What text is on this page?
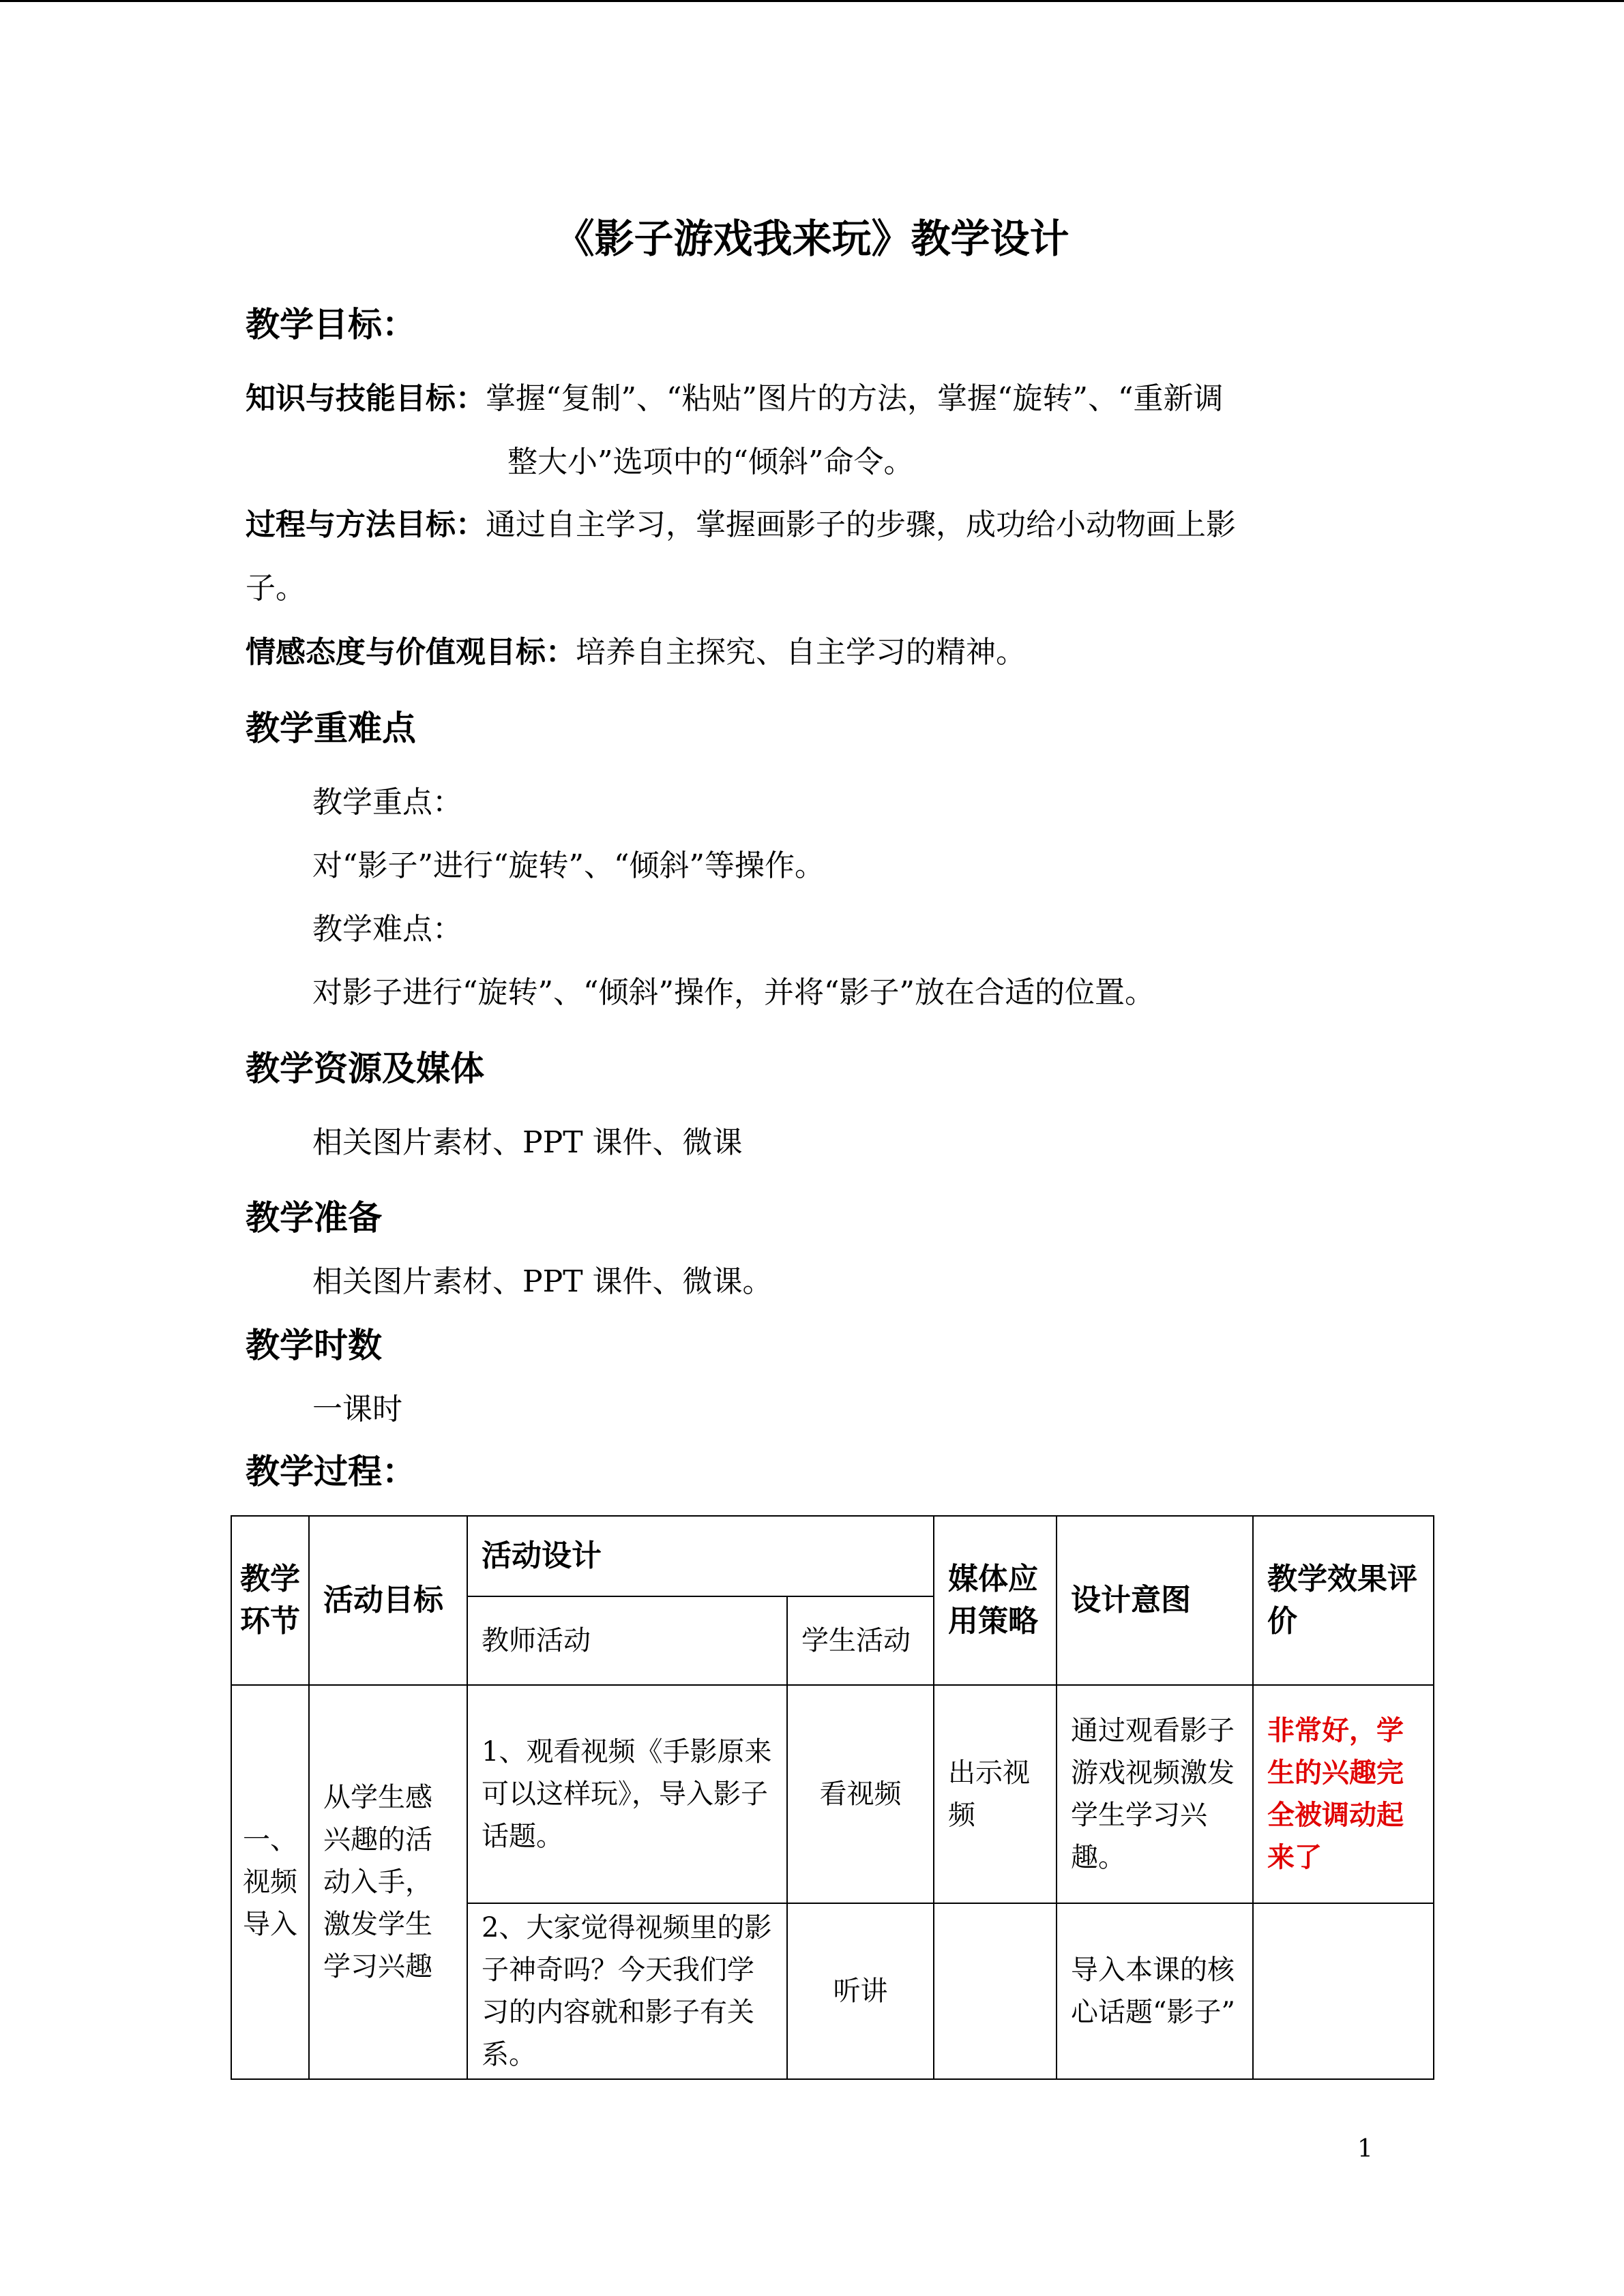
《影子游戏我来玩》教学设计
教学目标：
知识与技能目标：掌握“复制”、“粘贴”图片的方法，掌握“旋转”、“重新调
整大小”选项中的“倾斜”命令。
过程与方法目标：通过自主学习，掌握画影子的步骤，成功给小动物画上影
子。
情感态度与价值观目标：培养自主探究、自主学习的精神。
教学重难点
教学重点：
对“影子”进行“旋转”、“倾斜”等操作。
教学难点：
对影子进行“旋转”、“倾斜”操作，并将“影子”放在合适的位置。
教学资源及媒体
相关图片素材、PPT 课件、微课
教学准备
相关图片素材、PPT 课件、微课。
教学时数
一课时
教学过程：
教学环节	活动目标	活动设计		媒体应用策略	设计意图	教学效果评价
		教师活动	学生活动			
一、视频导入	从学生感兴趣的活动入手，激发学生学习兴趣	1、观看视频《手影原来可以这样玩》，导入影子话题。	看视频	出示视频	通过观看影子游戏视频激发学生学习兴趣。	非常好，学生的兴趣完全被调动起来了
		2、大家觉得视频里的影子神奇吗？今天我们学习的内容就和影子有关系。	听讲		导入本课的核心话题“影子”	
1
